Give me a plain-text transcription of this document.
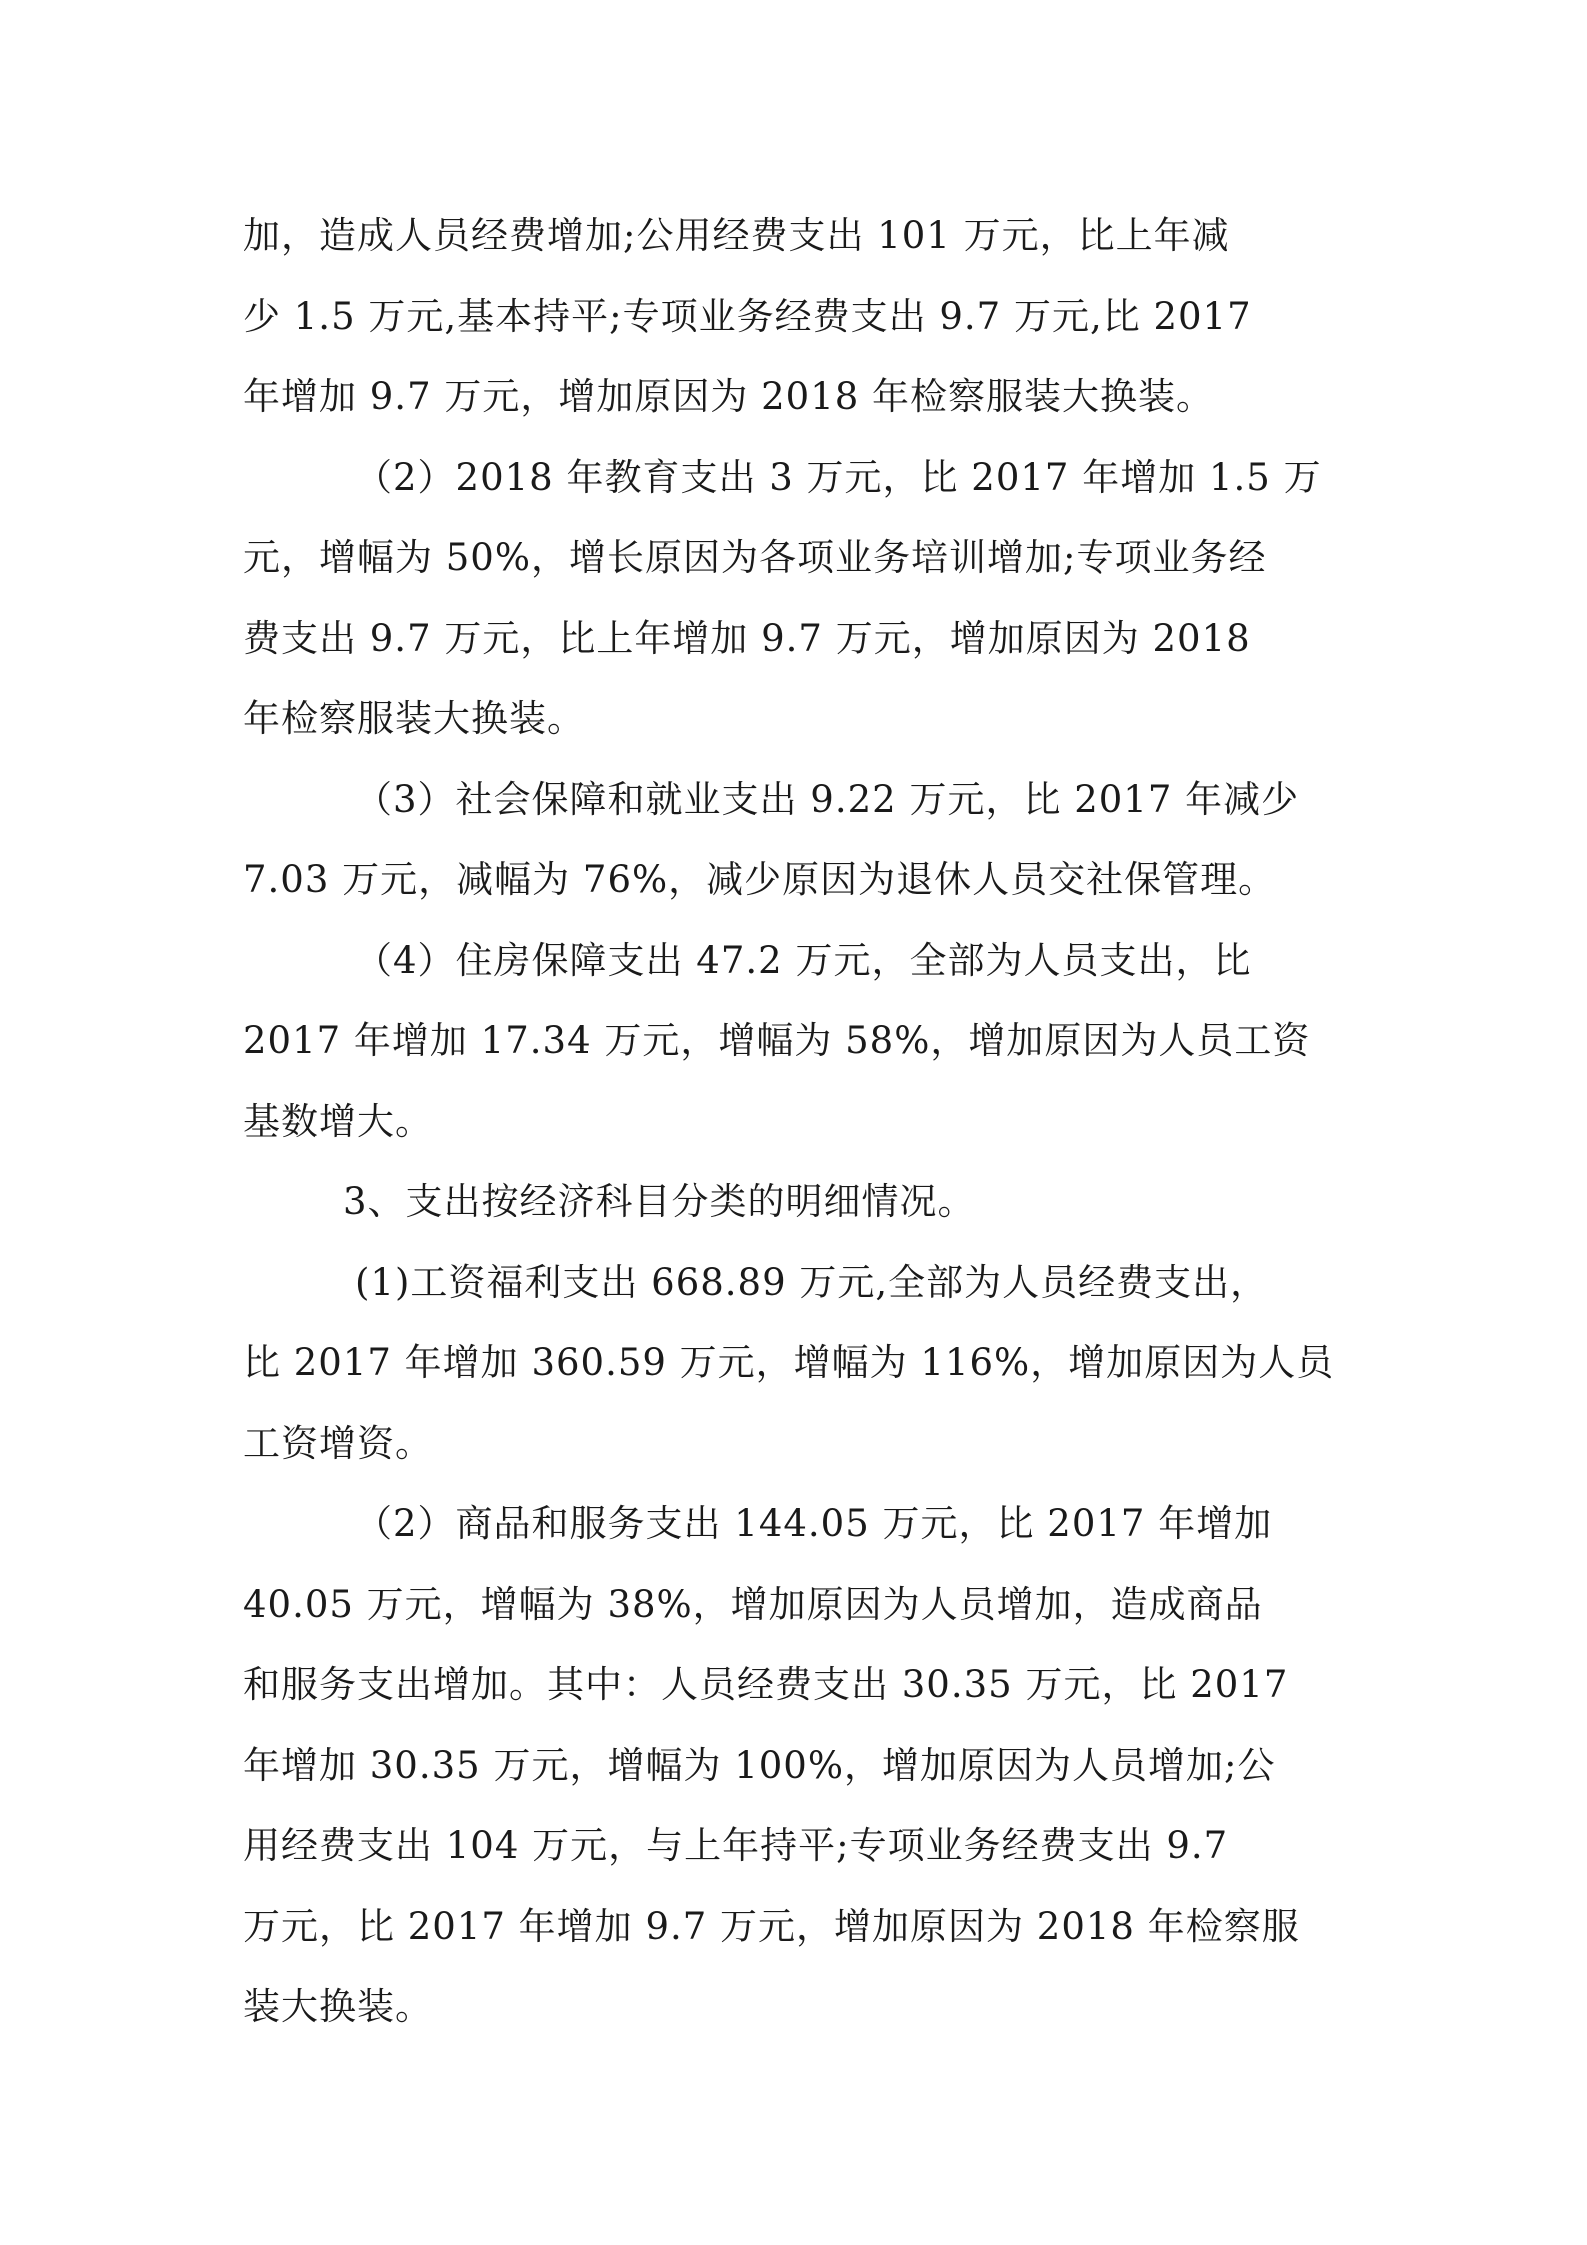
加，造成人员经费增加;公用经费支出 101 万元，比上年减
少 1.5 万元,基本持平;专项业务经费支出 9.7 万元,比 2017
年增加 9.7 万元，增加原因为 2018 年检察服装大换装。
（2）2018 年教育支出 3 万元，比 2017 年增加 1.5 万
元，增幅为 50%，增长原因为各项业务培训增加;专项业务经
费支出 9.7 万元，比上年增加 9.7 万元，增加原因为 2018
年检察服装大换装。
（3）社会保障和就业支出 9.22 万元，比 2017 年减少
7.03 万元，减幅为 76%，减少原因为退休人员交社保管理。
（4）住房保障支出 47.2 万元，全部为人员支出，比
2017 年增加 17.34 万元，增幅为 58%，增加原因为人员工资
基数增大。
3、支出按经济科目分类的明细情况。
(1)工资福利支出 668.89 万元,全部为人员经费支出，
比 2017 年增加 360.59 万元，增幅为 116%，增加原因为人员
工资增资。
（2）商品和服务支出 144.05 万元，比 2017 年增加
40.05 万元，增幅为 38%，增加原因为人员增加，造成商品
和服务支出增加。其中：人员经费支出 30.35 万元，比 2017
年增加 30.35 万元，增幅为 100%，增加原因为人员增加;公
用经费支出 104 万元，与上年持平;专项业务经费支出 9.7
万元，比 2017 年增加 9.7 万元，增加原因为 2018 年检察服
装大换装。
